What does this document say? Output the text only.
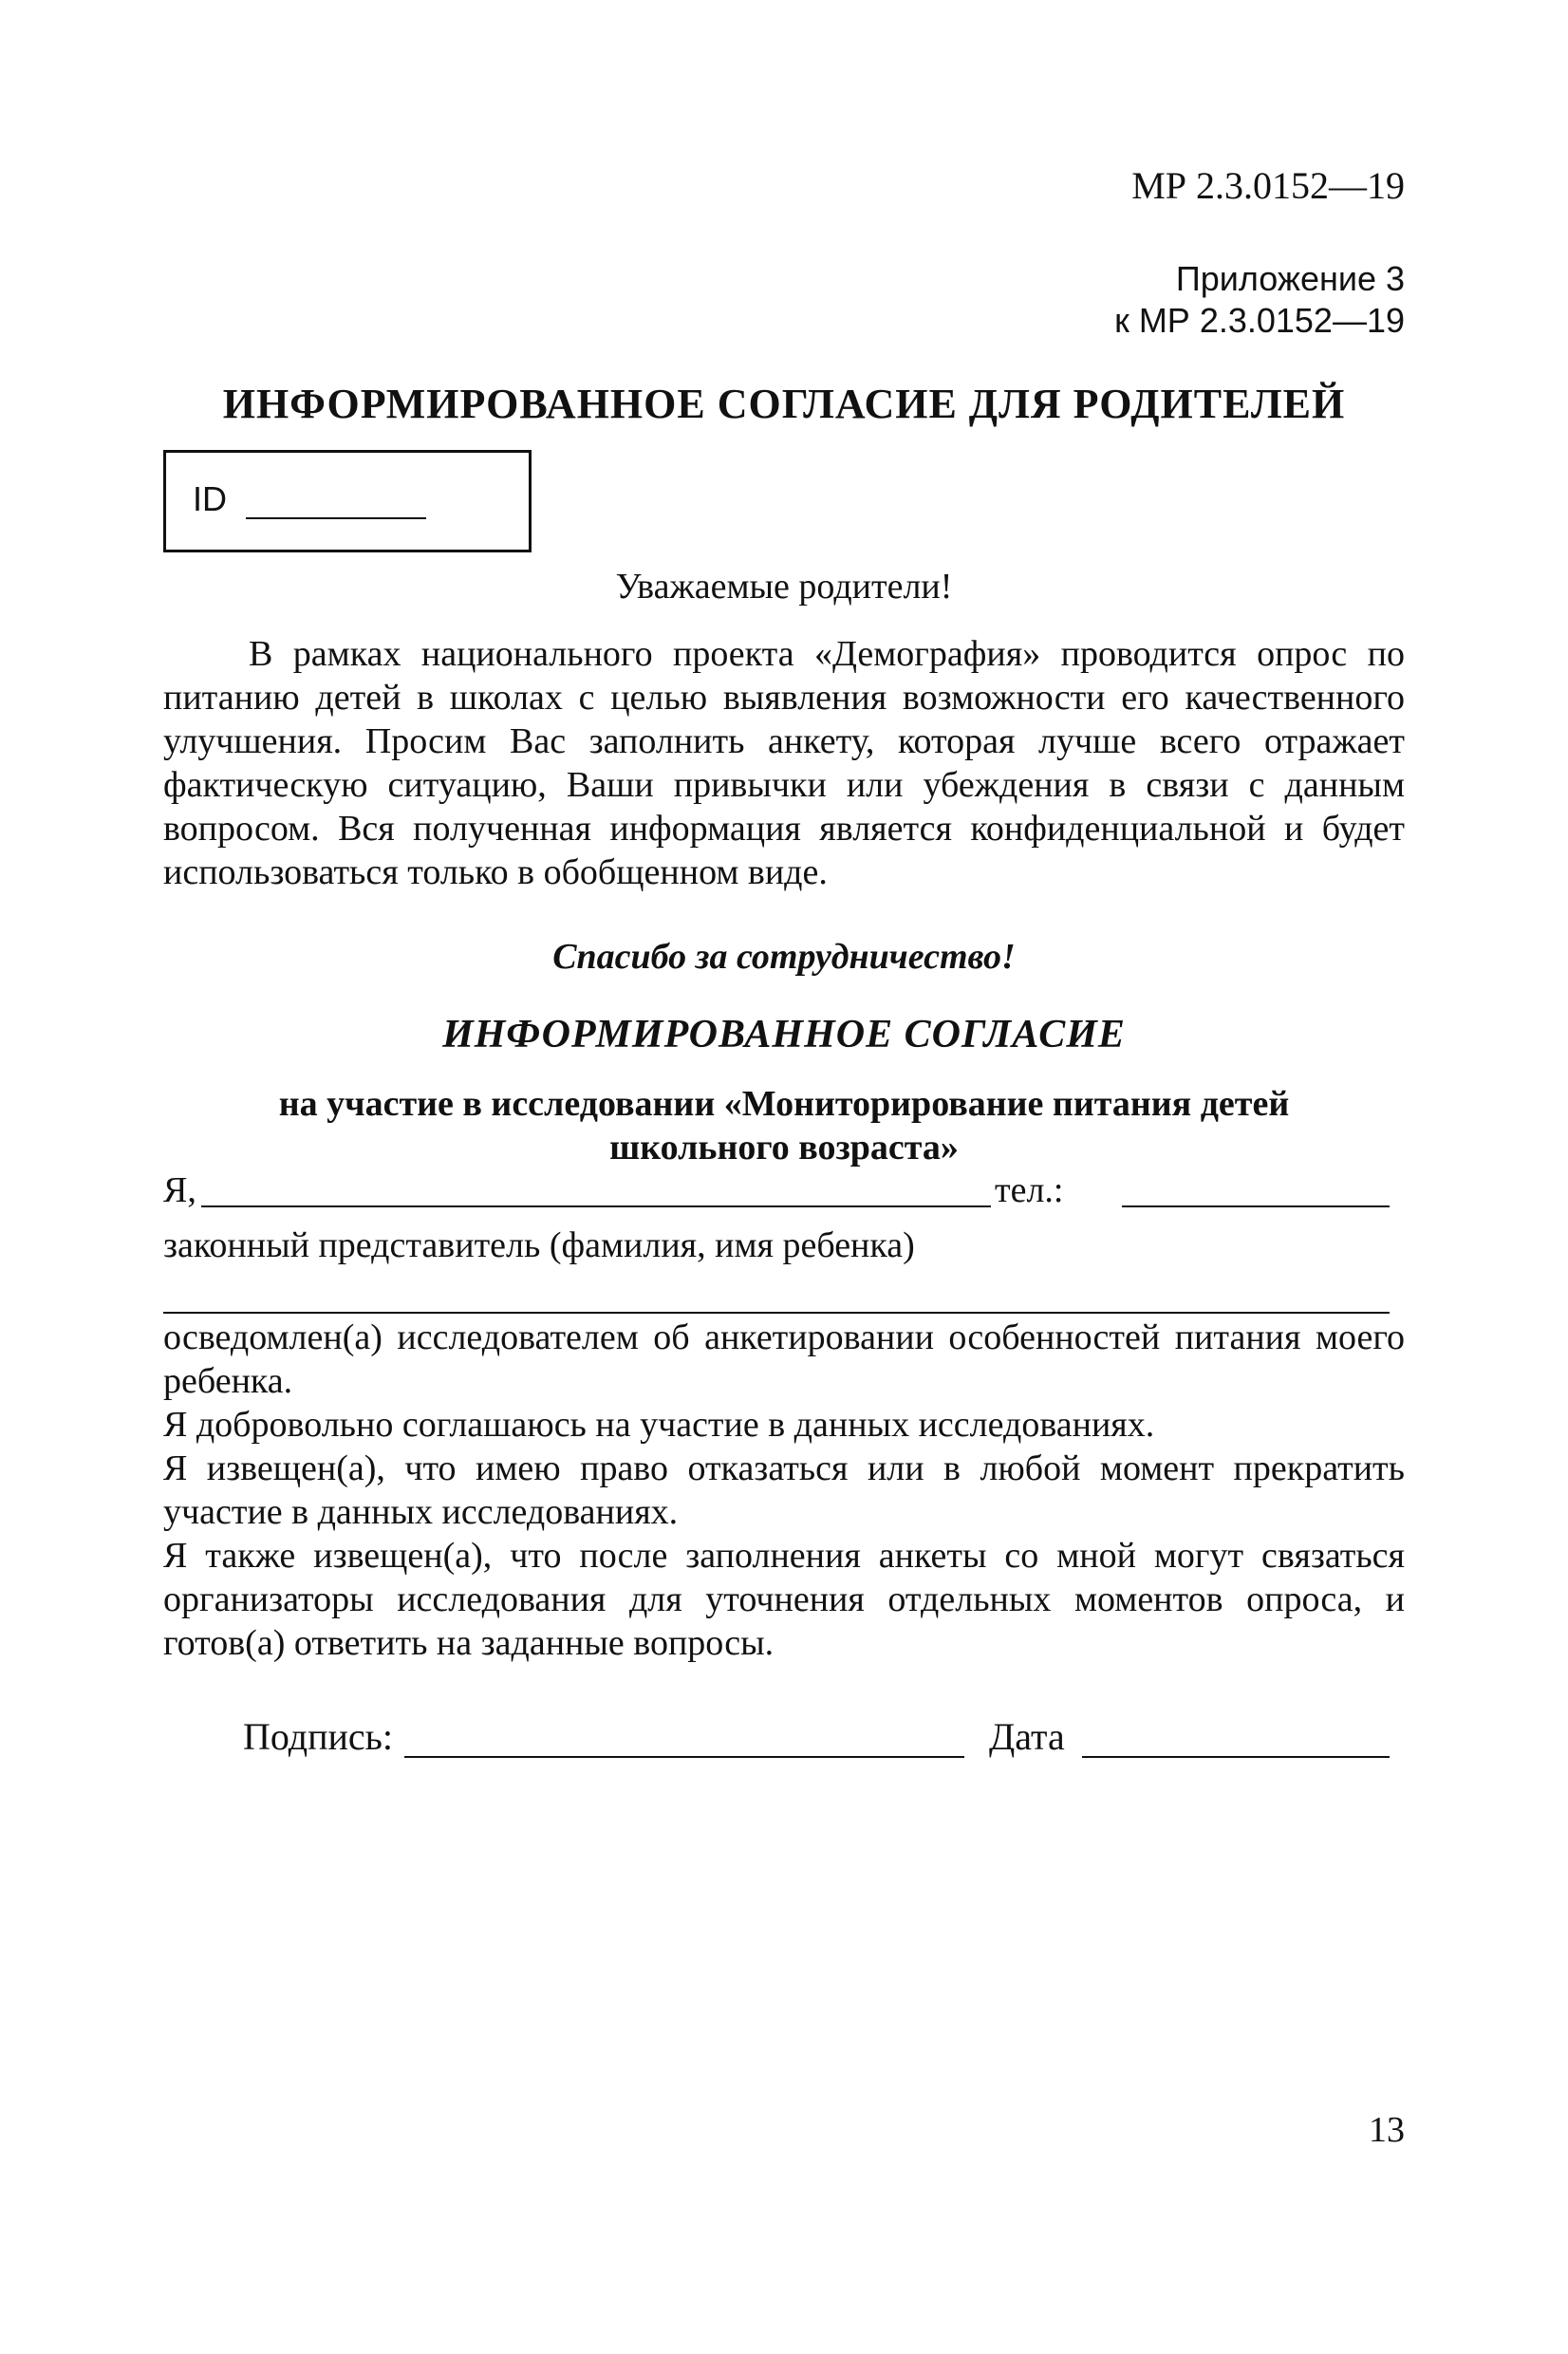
МР 2.3.0152—19
Приложение 3
к МР 2.3.0152—19
ИНФОРМИРОВАННОЕ СОГЛАСИЕ ДЛЯ РОДИТЕЛЕЙ
ID
Уважаемые родители!

В рамках национального проекта «Демография» проводится опрос по питанию детей в школах с целью выявления возможности его качественного улучшения. Просим Вас заполнить анкету, которая лучше всего отражает фактическую ситуацию, Ваши привычки или убеждения в связи с данным вопросом. Вся полученная информация является конфиденциальной и будет использоваться только в обобщенном виде.

Спасибо за сотрудничество!
ИНФОРМИРОВАННОЕ СОГЛАСИЕ
на участие в исследовании «Мониторирование питания детей
школьного возраста»
Я,	тел.:
законный представитель (фамилия, имя ребенка)

осведомлен(а) исследователем об анкетировании особенностей питания моего ребенка.

Я добровольно соглашаюсь на участие в данных исследованиях.

Я извещен(а), что имею право отказаться или в любой момент прекратить участие в данных исследованиях.

Я также извещен(а), что после заполнения анкеты со мной могут связаться организаторы исследования для уточнения отдельных моментов опроса, и готов(а) ответить на заданные вопросы.

Подпись:	Дата
13
